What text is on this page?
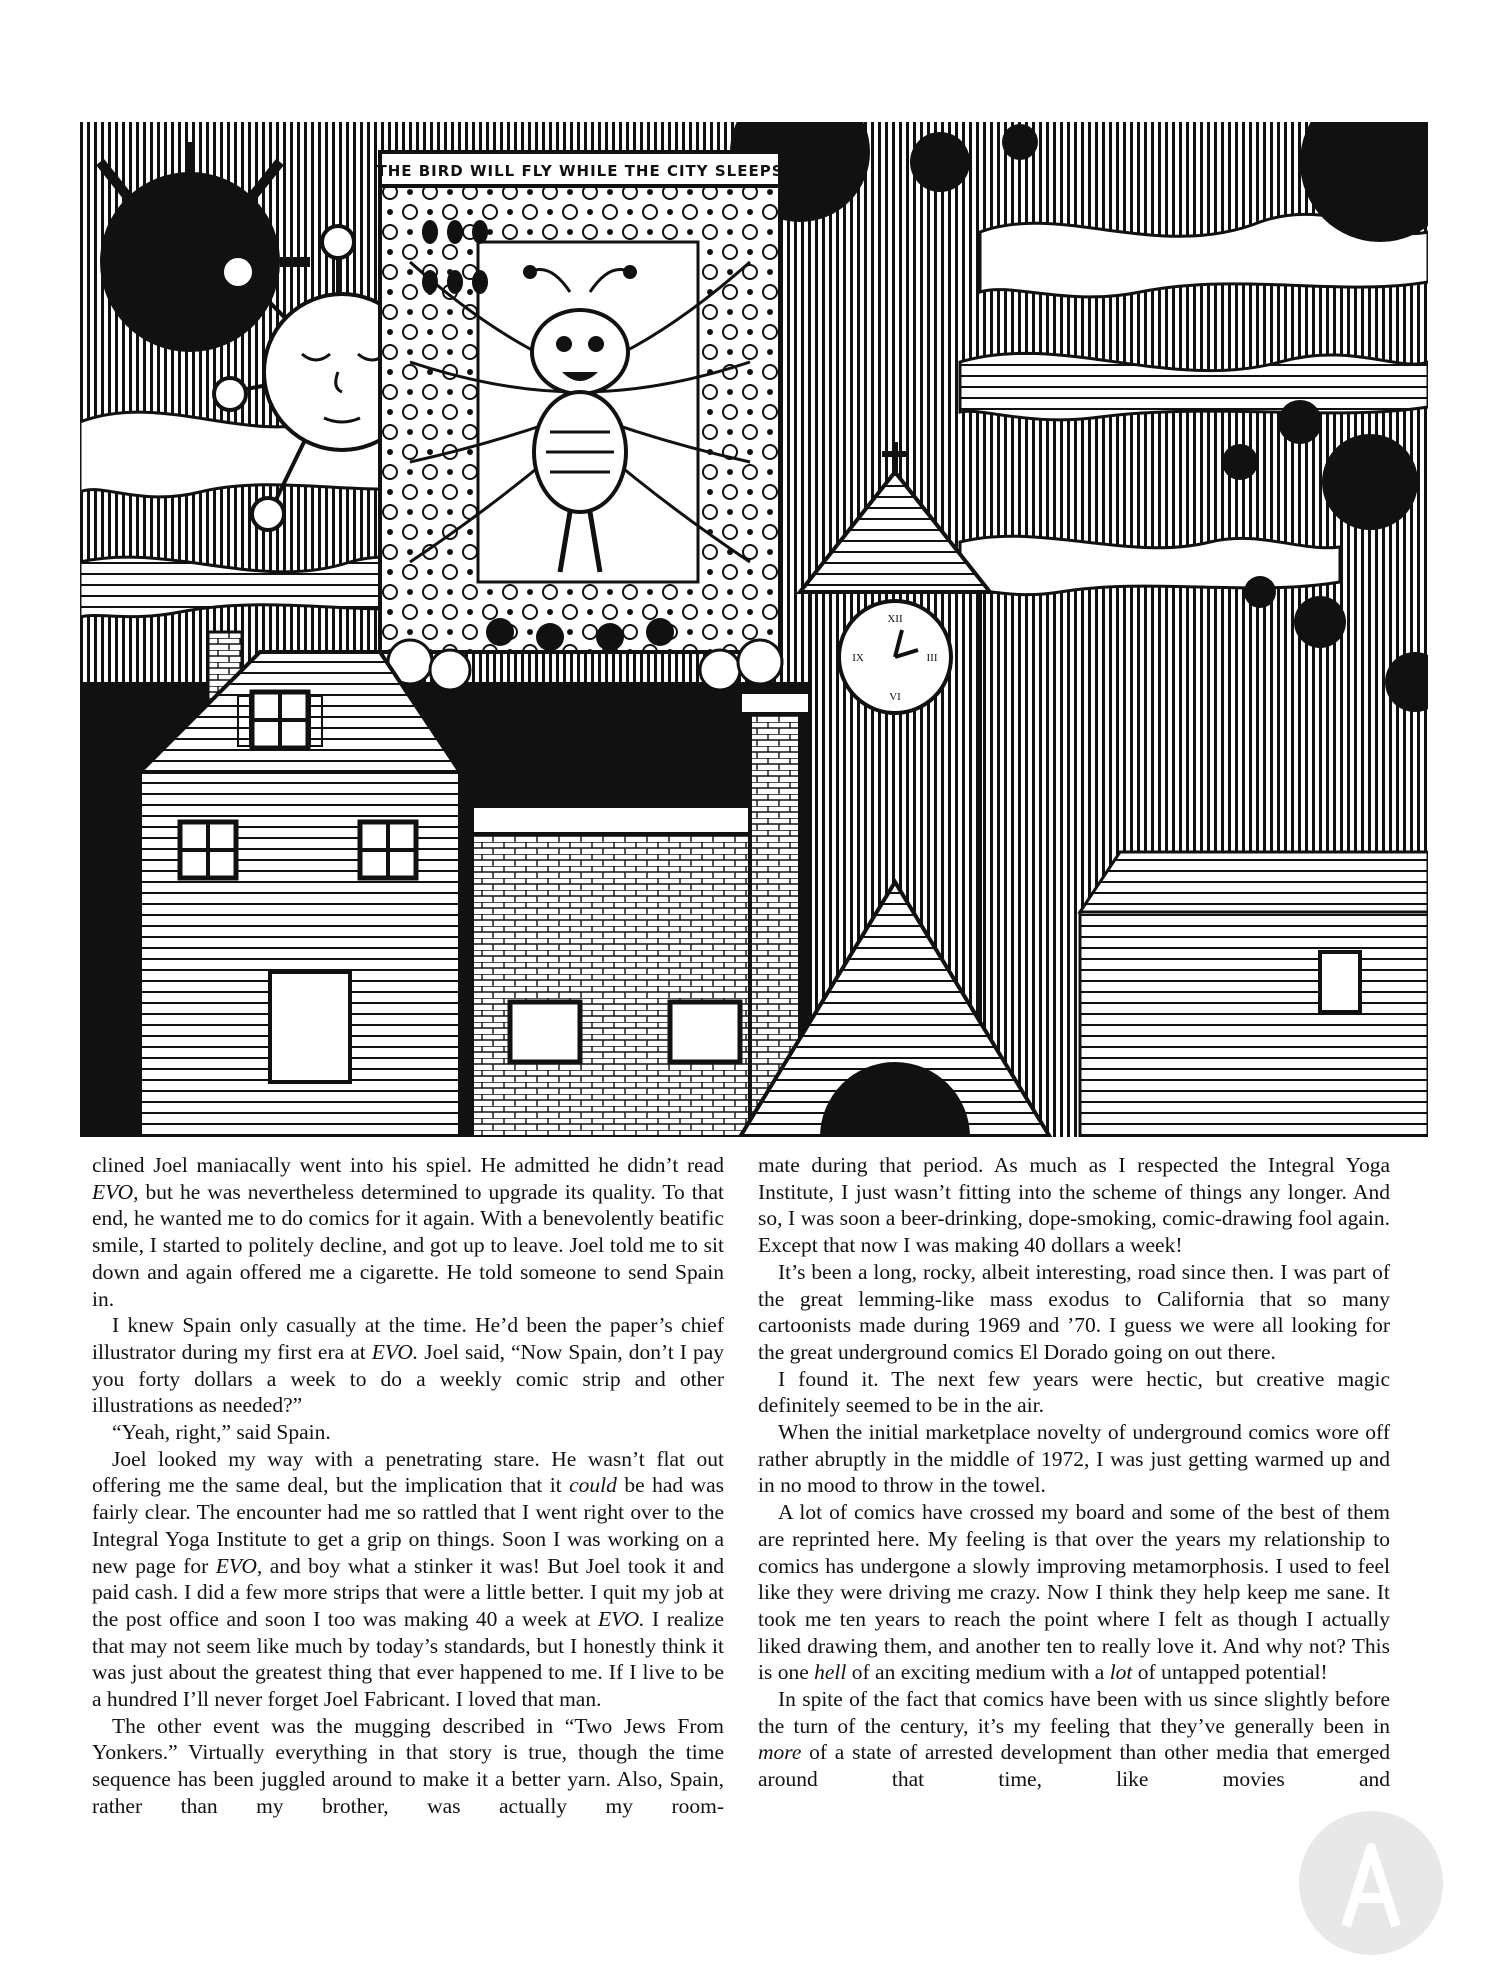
THE BIRD WILL FLY WHILE THE CITY SLEEPS
XII
III
VI
IX

clined Joel maniacally went into his spiel. He admitted he didn’t read EVO, but he was nevertheless determined to upgrade its quality. To that end, he wanted me to do comics for it again. With a benevolently beatific smile, I started to politely decline, and got up to leave. Joel told me to sit down and again offered me a cigarette. He told someone to send Spain in.

I knew Spain only casually at the time. He’d been the paper’s chief illustrator during my first era at EVO. Joel said, “Now Spain, don’t I pay you forty dollars a week to do a weekly comic strip and other illustrations as needed?”

“Yeah, right,” said Spain.

Joel looked my way with a penetrating stare. He wasn’t flat out offering me the same deal, but the implication that it could be had was fairly clear. The encounter had me so rattled that I went right over to the Integral Yoga Institute to get a grip on things. Soon I was working on a new page for EVO, and boy what a stinker it was! But Joel took it and paid cash. I did a few more strips that were a little better. I quit my job at the post office and soon I too was making 40 a week at EVO. I realize that may not seem like much by today’s standards, but I honestly think it was just about the greatest thing that ever happened to me. If I live to be a hundred I’ll never forget Joel Fabricant. I loved that man.

The other event was the mugging described in “Two Jews From Yonkers.” Virtually everything in that story is true, though the time sequence has been juggled around to make it a better yarn. Also, Spain, rather than my brother, was actually my room-

mate during that period. As much as I respected the Integral Yoga Institute, I just wasn’t fitting into the scheme of things any longer. And so, I was soon a beer-drinking, dope-smoking, comic-drawing fool again. Except that now I was making 40 dollars a week!

It’s been a long, rocky, albeit interesting, road since then. I was part of the great lemming-like mass exodus to California that so many cartoonists made during 1969 and ’70. I guess we were all looking for the great underground comics El Dorado going on out there.

I found it. The next few years were hectic, but creative magic definitely seemed to be in the air.

When the initial marketplace novelty of underground comics wore off rather abruptly in the middle of 1972, I was just getting warmed up and in no mood to throw in the towel.

A lot of comics have crossed my board and some of the best of them are reprinted here. My feeling is that over the years my relationship to comics has undergone a slowly improving metamorphosis. I used to feel like they were driving me crazy. Now I think they help keep me sane. It took me ten years to reach the point where I felt as though I actually liked drawing them, and another ten to really love it. And why not? This is one hell of an exciting medium with a lot of untapped potential!

In spite of the fact that comics have been with us since slightly before the turn of the century, it’s my feeling that they’ve generally been in more of a state of arrested development than other media that emerged around that time, like movies and
